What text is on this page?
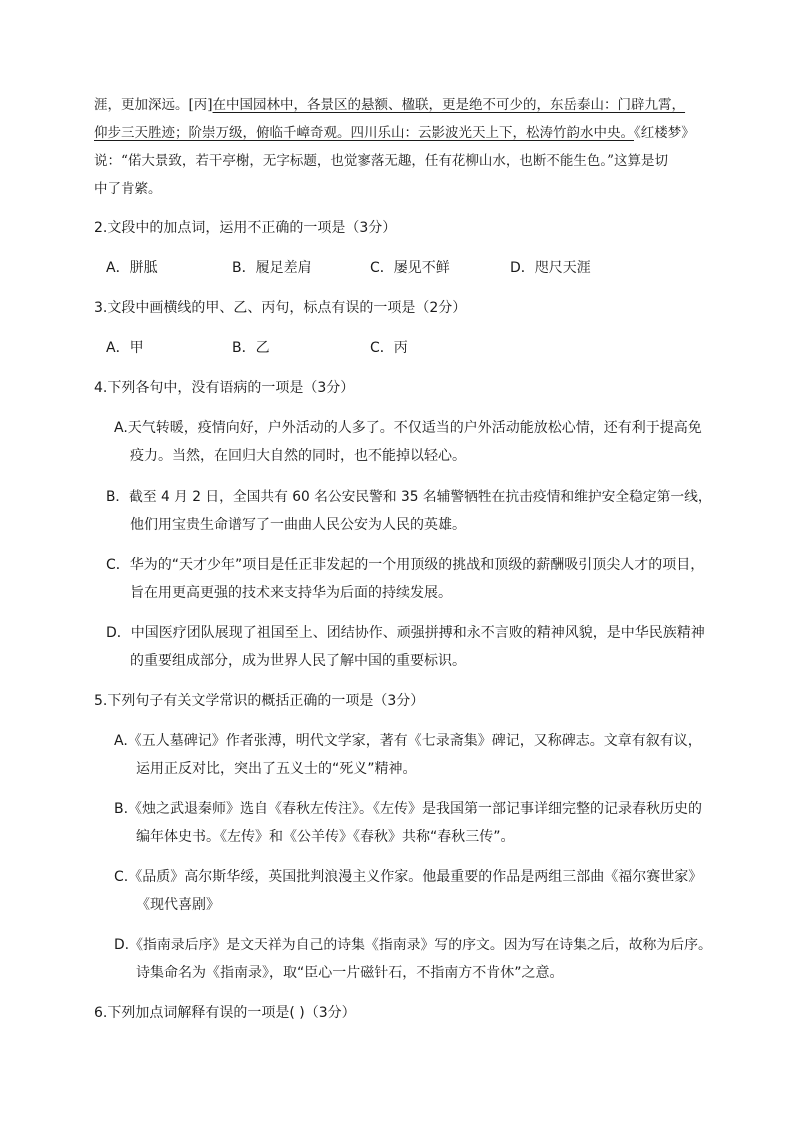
涯，更加深远。[丙]在中国园林中，各景区的悬额、楹联，更是绝不可少的，东岳泰山：门辟九霄，
仰步三天胜迹；阶崇万级，俯临千嶂奇观。四川乐山：云影波光天上下，松涛竹韵水中央。《红楼梦》
说：“偌大景致，若干亭榭，无字标题，也觉寥落无趣，任有花柳山水，也断不能生色。”这算是切
中了肯綮。
2.文段中的加点词，运用不正确的一项是（3分）
A．胼胝	B．履足差肩	C．屡见不鲜	D．咫尺天涯
3.文段中画横线的甲、乙、丙句，标点有误的一项是（2分）
A．甲	B．乙	C．丙
4.下列各句中，没有语病的一项是（3分）
A.天气转暖，疫情向好，户外活动的人多了。不仅适当的户外活动能放松心情，还有利于提高免
疫力。当然，在回归大自然的同时，也不能掉以轻心。
B．截至 4 月 2 日，全国共有 60 名公安民警和 35 名辅警牺牲在抗击疫情和维护安全稳定第一线，
他们用宝贵生命谱写了一曲曲人民公安为人民的英雄。
C．华为的“天才少年”项目是任正非发起的一个用顶级的挑战和顶级的薪酬吸引顶尖人才的项目，
旨在用更高更强的技术来支持华为后面的持续发展。
D．中国医疗团队展现了祖国至上、团结协作、顽强拼搏和永不言败的精神风貌，是中华民族精神
的重要组成部分，成为世界人民了解中国的重要标识。
5.下列句子有关文学常识的概括正确的一项是（3分）
A.《五人墓碑记》作者张溥，明代文学家，著有《七录斋集》碑记，又称碑志。文章有叙有议，
运用正反对比，突出了五义士的“死义”精神。
B.《烛之武退秦师》选自《春秋左传注》。《左传》是我国第一部记事详细完整的记录春秋历史的
编年体史书。《左传》和《公羊传》《春秋》共称“春秋三传”。
C.《品质》高尔斯华绥，英国批判浪漫主义作家。他最重要的作品是两组三部曲《福尔赛世家》
《现代喜剧》
D.《指南录后序》是文天祥为自己的诗集《指南录》写的序文。因为写在诗集之后，故称为后序。
诗集命名为《指南录》，取“臣心一片磁针石，不指南方不肯休”之意。
6.下列加点词解释有误的一项是( )（3分）
